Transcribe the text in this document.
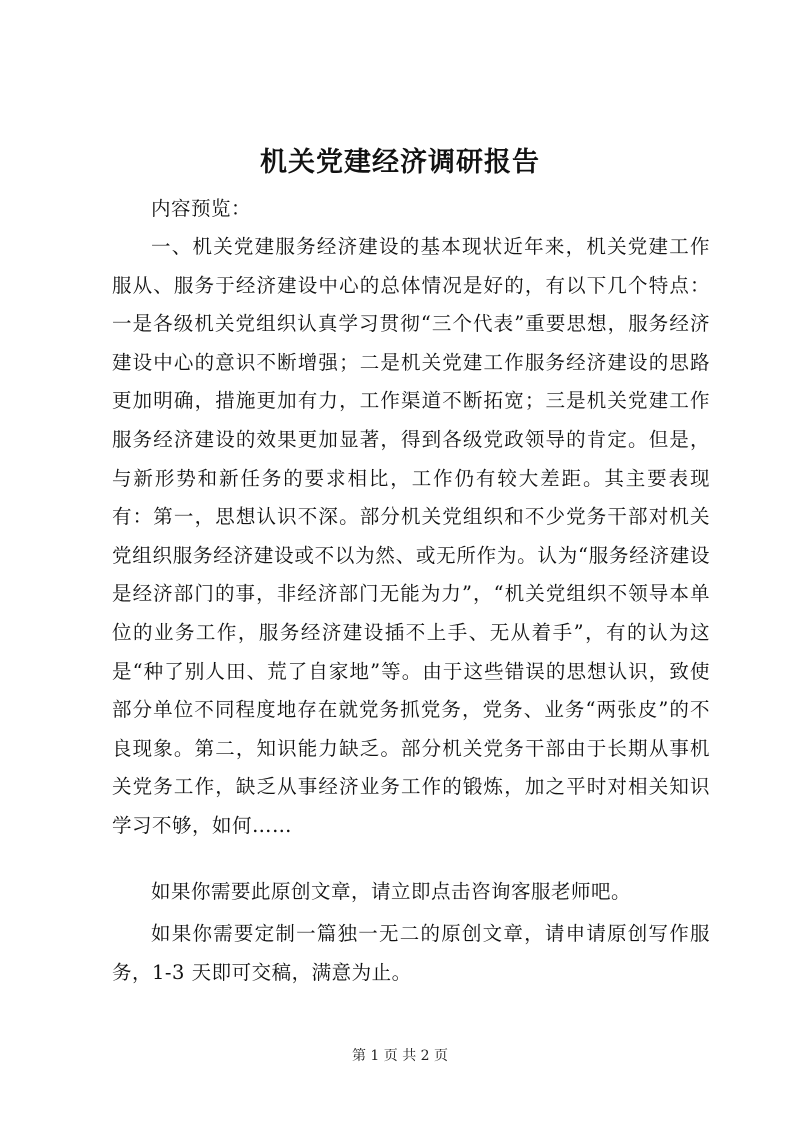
机关党建经济调研报告

内容预览：

一、机关党建服务经济建设的基本现状近年来，机关党建工作服从、服务于经济建设中心的总体情况是好的，有以下几个特点：一是各级机关党组织认真学习贯彻“三个代表”重要思想，服务经济建设中心的意识不断增强；二是机关党建工作服务经济建设的思路更加明确，措施更加有力，工作渠道不断拓宽；三是机关党建工作服务经济建设的效果更加显著，得到各级党政领导的肯定。但是，与新形势和新任务的要求相比，工作仍有较大差距。其主要表现有：第一，思想认识不深。部分机关党组织和不少党务干部对机关党组织服务经济建设或不以为然、或无所作为。认为“服务经济建设是经济部门的事，非经济部门无能为力”，“机关党组织不领导本单位的业务工作，服务经济建设插不上手、无从着手”，有的认为这是“种了别人田、荒了自家地”等。由于这些错误的思想认识，致使部分单位不同程度地存在就党务抓党务，党务、业务“两张皮”的不良现象。第二，知识能力缺乏。部分机关党务干部由于长期从事机关党务工作，缺乏从事经济业务工作的锻炼，加之平时对相关知识学习不够，如何……

如果你需要此原创文章，请立即点击咨询客服老师吧。

如果你需要定制一篇独一无二的原创文章，请申请原创写作服务，1-3 天即可交稿，满意为止。

第 1 页 共 2 页
